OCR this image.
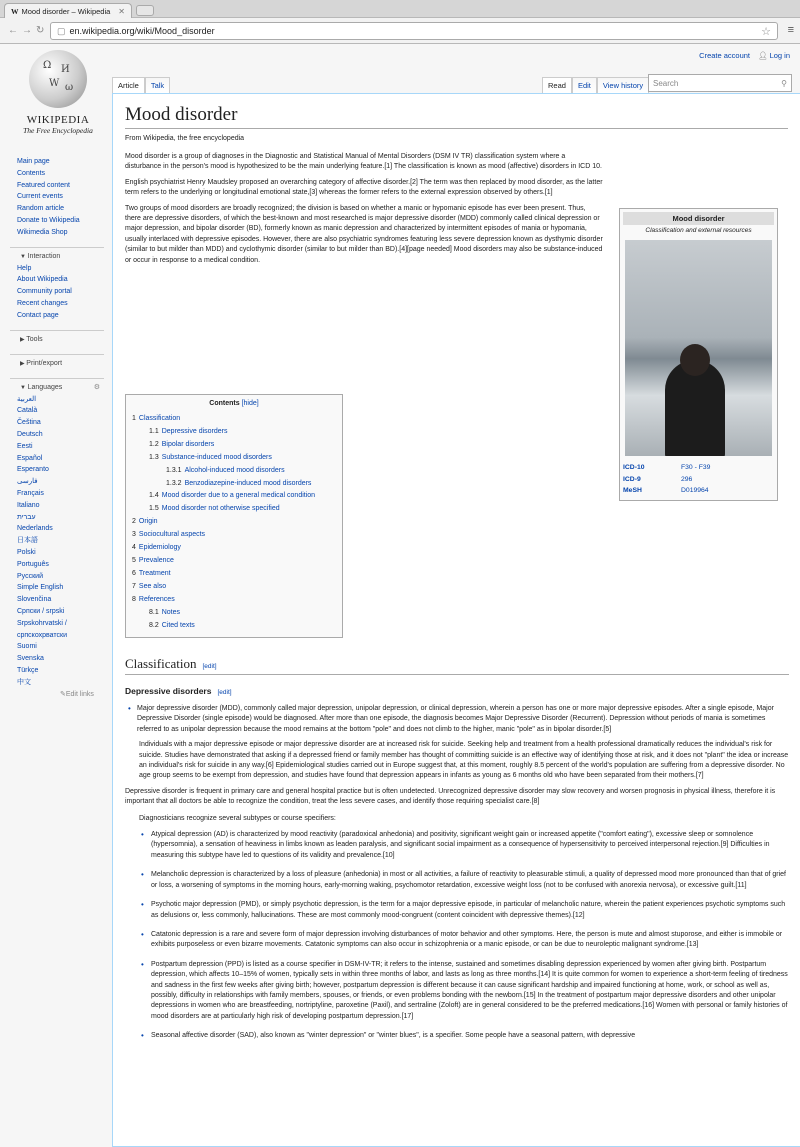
W Mood disorder – Wikipedia ✕
← → ↻ ▢ en.wikipedia.org/wiki/Mood_disorder	☆ ≡
Create account 👤︎ Log in
Ω И
W ω
WIKIPEDIA
The Free Encyclopedia
Main page
Contents
Featured content
Current events
Random article
Donate to Wikipedia
Wikimedia Shop
▼ Interaction
Help
About Wikipedia
Community portal
Recent changes
Contact page
▶ Tools
▶ Print/export
▼ Languages	⚙
العربية
Català
Čeština
Deutsch
Eesti
Español
Esperanto
فارسی
Français
Italiano
עברית
Nederlands
日本語
Polski
Português
Русский
Simple English
Slovenčina
Српски / srpski
Srpskohrvatski / српскохрватски
Suomi
Svenska
Türkçe
中文
✎Edit links
Article	Talk	Read	Edit	View history	Search	⚲
Mood disorder
From Wikipedia, the free encyclopedia

Mood disorder is a group of diagnoses in the Diagnostic and Statistical Manual of Mental Disorders (DSM IV TR) classification system where a disturbance in the person's mood is hypothesized to be the main underlying feature.[1] The classification is known as mood (affective) disorders in ICD 10.

English psychiatrist Henry Maudsley proposed an overarching category of affective disorder.[2] The term was then replaced by mood disorder, as the latter term refers to the underlying or longitudinal emotional state,[3] whereas the former refers to the external expression observed by others.[1]

Two groups of mood disorders are broadly recognized; the division is based on whether a manic or hypomanic episode has ever been present. Thus, there are depressive disorders, of which the best-known and most researched is major depressive disorder (MDD) commonly called clinical depression or major depression, and bipolar disorder (BD), formerly known as manic depression and characterized by intermittent episodes of mania or hypomania, usually interlaced with depressive episodes. However, there are also psychiatric syndromes featuring less severe depression known as dysthymic disorder (similar to but milder than MDD) and cyclothymic disorder (similar to but milder than BD).[4][page needed] Mood disorders may also be substance-induced or occur in response to a medical condition.

Mood disorder
Classification and external resources
ICD-10	F30 - F39
ICD-9	296
MeSH	D019964
Contents [hide]
1 Classification
1.1 Depressive disorders
1.2 Bipolar disorders
1.3 Substance-induced mood disorders
1.3.1 Alcohol-induced mood disorders
1.3.2 Benzodiazepine-induced mood disorders
1.4 Mood disorder due to a general medical condition
1.5 Mood disorder not otherwise specified
2 Origin
3 Sociocultural aspects
4 Epidemiology
5 Prevalence
6 Treatment
7 See also
8 References
8.1 Notes
8.2 Cited texts
Classification [edit]
Depressive disorders [edit]

• Major depressive disorder (MDD), commonly called major depression, unipolar depression, or clinical depression, wherein a person has one or more major depressive episodes. After a single episode, Major Depressive Disorder (single episode) would be diagnosed. After more than one episode, the diagnosis becomes Major Depressive Disorder (Recurrent). Depression without periods of mania is sometimes referred to as unipolar depression because the mood remains at the bottom "pole" and does not climb to the higher, manic "pole" as in bipolar disorder.[5]

Individuals with a major depressive episode or major depressive disorder are at increased risk for suicide. Seeking help and treatment from a health professional dramatically reduces the individual's risk for suicide. Studies have demonstrated that asking if a depressed friend or family member has thought of committing suicide is an effective way of identifying those at risk, and it does not "plant" the idea or increase an individual's risk for suicide in any way.[6] Epidemiological studies carried out in Europe suggest that, at this moment, roughly 8.5 percent of the world's population are suffering from a depressive disorder. No age group seems to be exempt from depression, and studies have found that depression appears in infants as young as 6 months old who have been separated from their mothers.[7]

Depressive disorder is frequent in primary care and general hospital practice but is often undetected. Unrecognized depressive disorder may slow recovery and worsen prognosis in physical illness, therefore it is important that all doctors be able to recognize the condition, treat the less severe cases, and identify those requiring specialist care.[8]

Diagnosticians recognize several subtypes or course specifiers:

• Atypical depression (AD) is characterized by mood reactivity (paradoxical anhedonia) and positivity, significant weight gain or increased appetite ("comfort eating"), excessive sleep or somnolence (hypersomnia), a sensation of heaviness in limbs known as leaden paralysis, and significant social impairment as a consequence of hypersensitivity to perceived interpersonal rejection.[9] Difficulties in measuring this subtype have led to questions of its validity and prevalence.[10]

• Melancholic depression is characterized by a loss of pleasure (anhedonia) in most or all activities, a failure of reactivity to pleasurable stimuli, a quality of depressed mood more pronounced than that of grief or loss, a worsening of symptoms in the morning hours, early-morning waking, psychomotor retardation, excessive weight loss (not to be confused with anorexia nervosa), or excessive guilt.[11]

• Psychotic major depression (PMD), or simply psychotic depression, is the term for a major depressive episode, in particular of melancholic nature, wherein the patient experiences psychotic symptoms such as delusions or, less commonly, hallucinations. These are most commonly mood-congruent (content coincident with depressive themes).[12]

• Catatonic depression is a rare and severe form of major depression involving disturbances of motor behavior and other symptoms. Here, the person is mute and almost stuporose, and either is immobile or exhibits purposeless or even bizarre movements. Catatonic symptoms can also occur in schizophrenia or a manic episode, or can be due to neuroleptic malignant syndrome.[13]

• Postpartum depression (PPD) is listed as a course specifier in DSM-IV-TR; it refers to the intense, sustained and sometimes disabling depression experienced by women after giving birth. Postpartum depression, which affects 10–15% of women, typically sets in within three months of labor, and lasts as long as three months.[14] It is quite common for women to experience a short-term feeling of tiredness and sadness in the first few weeks after giving birth; however, postpartum depression is different because it can cause significant hardship and impaired functioning at home, work, or school as well as, possibly, difficulty in relationships with family members, spouses, or friends, or even problems bonding with the newborn.[15] In the treatment of postpartum major depressive disorders and other unipolar depressions in women who are breastfeeding, nortriptyline, paroxetine (Paxil), and sertraline (Zoloft) are in general considered to be the preferred medications.[16] Women with personal or family histories of mood disorders are at particularly high risk of developing postpartum depression.[17]

• Seasonal affective disorder (SAD), also known as "winter depression" or "winter blues", is a specifier. Some people have a seasonal pattern, with depressive
